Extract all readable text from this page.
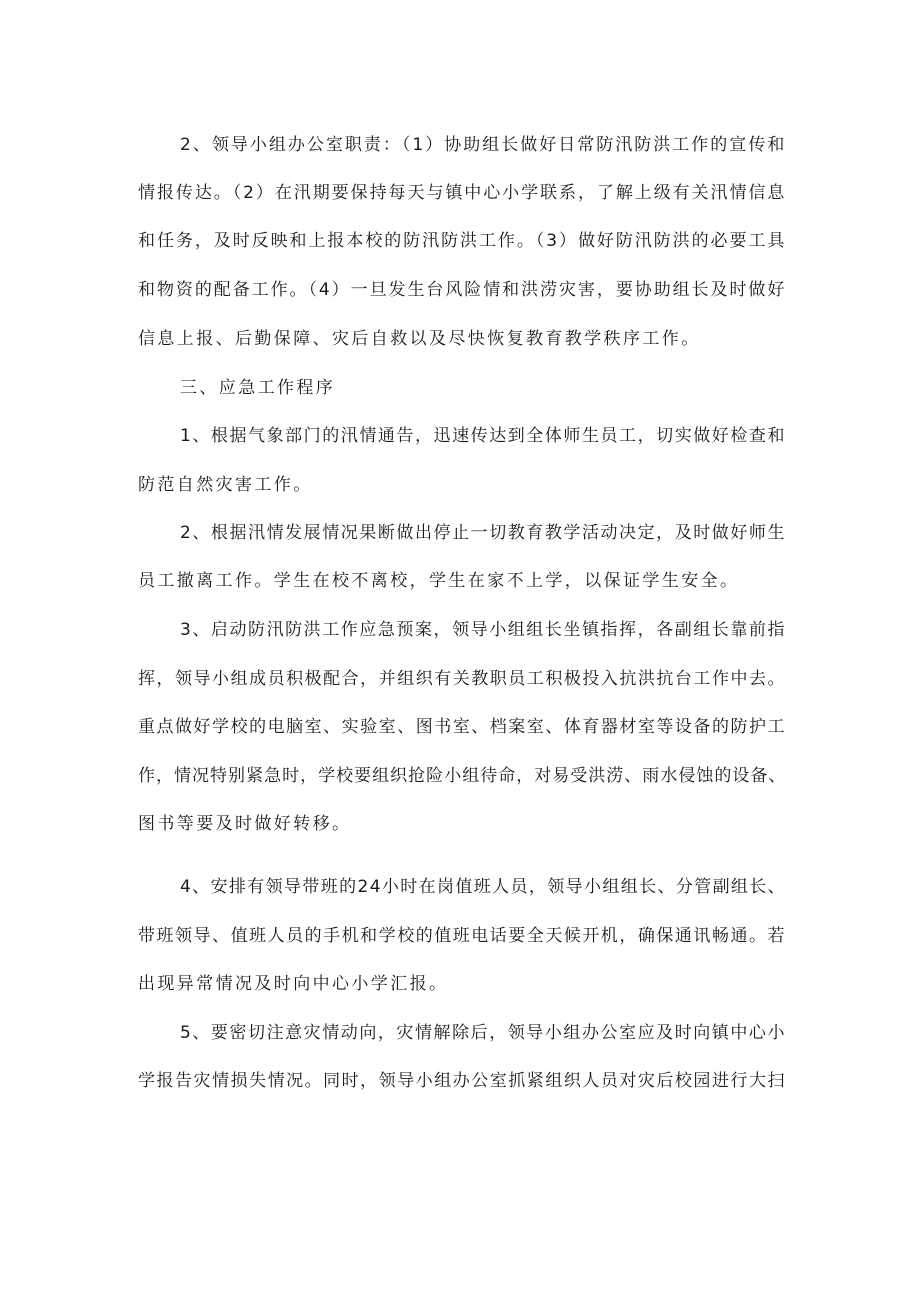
2、领导小组办公室职责：（1）协助组长做好日常防汛防洪工作的宣传和
情报传达。（2）在汛期要保持每天与镇中心小学联系，了解上级有关汛情信息
和任务，及时反映和上报本校的防汛防洪工作。（3）做好防汛防洪的必要工具
和物资的配备工作。（4）一旦发生台风险情和洪涝灾害，要协助组长及时做好
信息上报、后勤保障、灾后自救以及尽快恢复教育教学秩序工作。
三、应急工作程序
1、根据气象部门的汛情通告，迅速传达到全体师生员工，切实做好检查和
防范自然灾害工作。
2、根据汛情发展情况果断做出停止一切教育教学活动决定，及时做好师生
员工撤离工作。学生在校不离校，学生在家不上学，以保证学生安全。
3、启动防汛防洪工作应急预案，领导小组组长坐镇指挥，各副组长靠前指
挥，领导小组成员积极配合，并组织有关教职员工积极投入抗洪抗台工作中去。
重点做好学校的电脑室、实验室、图书室、档案室、体育器材室等设备的防护工
作，情况特别紧急时，学校要组织抢险小组待命，对易受洪涝、雨水侵蚀的设备、
图书等要及时做好转移。
4、安排有领导带班的24小时在岗值班人员，领导小组组长、分管副组长、
带班领导、值班人员的手机和学校的值班电话要全天候开机，确保通讯畅通。若
出现异常情况及时向中心小学汇报。
5、要密切注意灾情动向，灾情解除后，领导小组办公室应及时向镇中心小
学报告灾情损失情况。同时，领导小组办公室抓紧组织人员对灾后校园进行大扫
